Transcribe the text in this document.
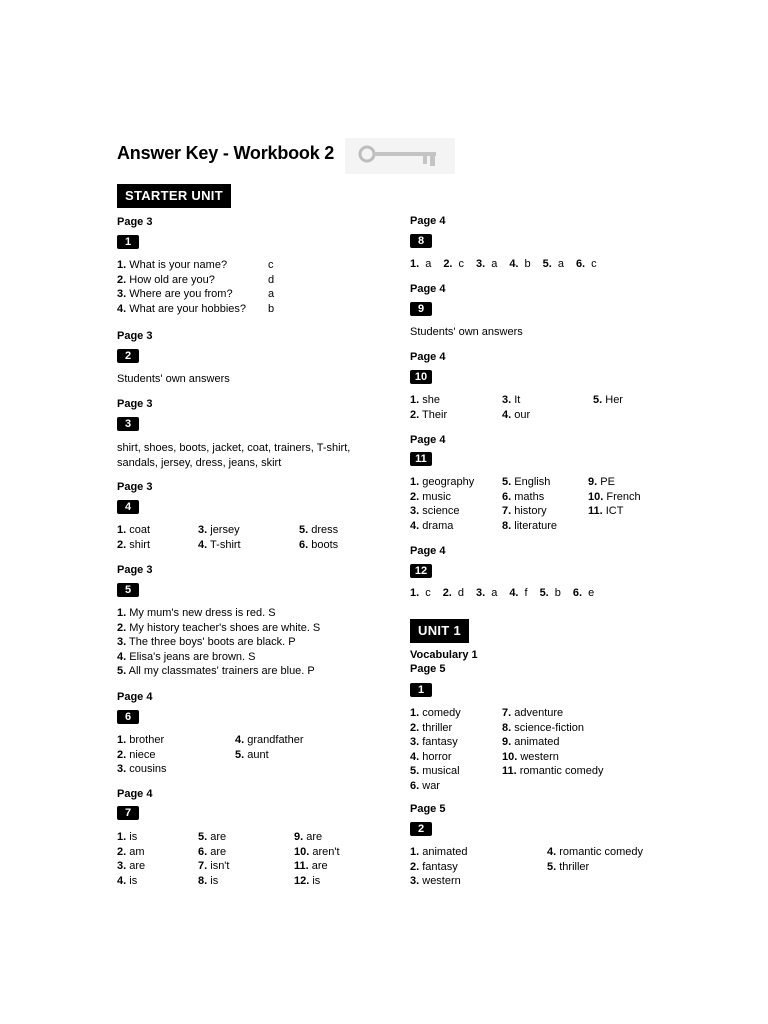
Answer Key - Workbook 2
STARTER UNIT
Page 3
1
1. What is your name?
2. How old are you?
3. Where are you from?
4. What are your hobbies?
c
d
a
b
Page 3
2
Students' own answers
Page 3
3
shirt, shoes, boots, jacket, coat, trainers, T-shirt,
sandals, jersey, dress, jeans, skirt
Page 3
4
1. coat
2. shirt
3. jersey
4. T-shirt
5. dress
6. boots
Page 3
5
1. My mum's new dress is red. S
2. My history teacher's shoes are white. S
3. The three boys' boots are black. P
4. Elisa's jeans are brown. S
5. All my classmates' trainers are blue. P
Page 4
6
1. brother
2. niece
3. cousins
4. grandfather
5. aunt
Page 4
7
1. is
2. am
3. are
4. is
5. are
6. are
7. isn't
8. is
9. are
10. aren't
11. are
12. is
Page 4
8
1. a 2. c 3. a 4. b 5. a 6. c
Page 4
9
Students' own answers
Page 4
10
1. she
2. Their
3. It
4. our
5. Her
Page 4
11
1. geography
2. music
3. science
4. drama
5. English
6. maths
7. history
8. literature
9. PE
10. French
11. ICT
Page 4
12
1. c 2. d 3. a 4. f 5. b 6. e
UNIT 1
Vocabulary 1
Page 5
1
1. comedy
2. thriller
3. fantasy
4. horror
5. musical
6. war
7. adventure
8. science-fiction
9. animated
10. western
11. romantic comedy
Page 5
2
1. animated
2. fantasy
3. western
4. romantic comedy
5. thriller
